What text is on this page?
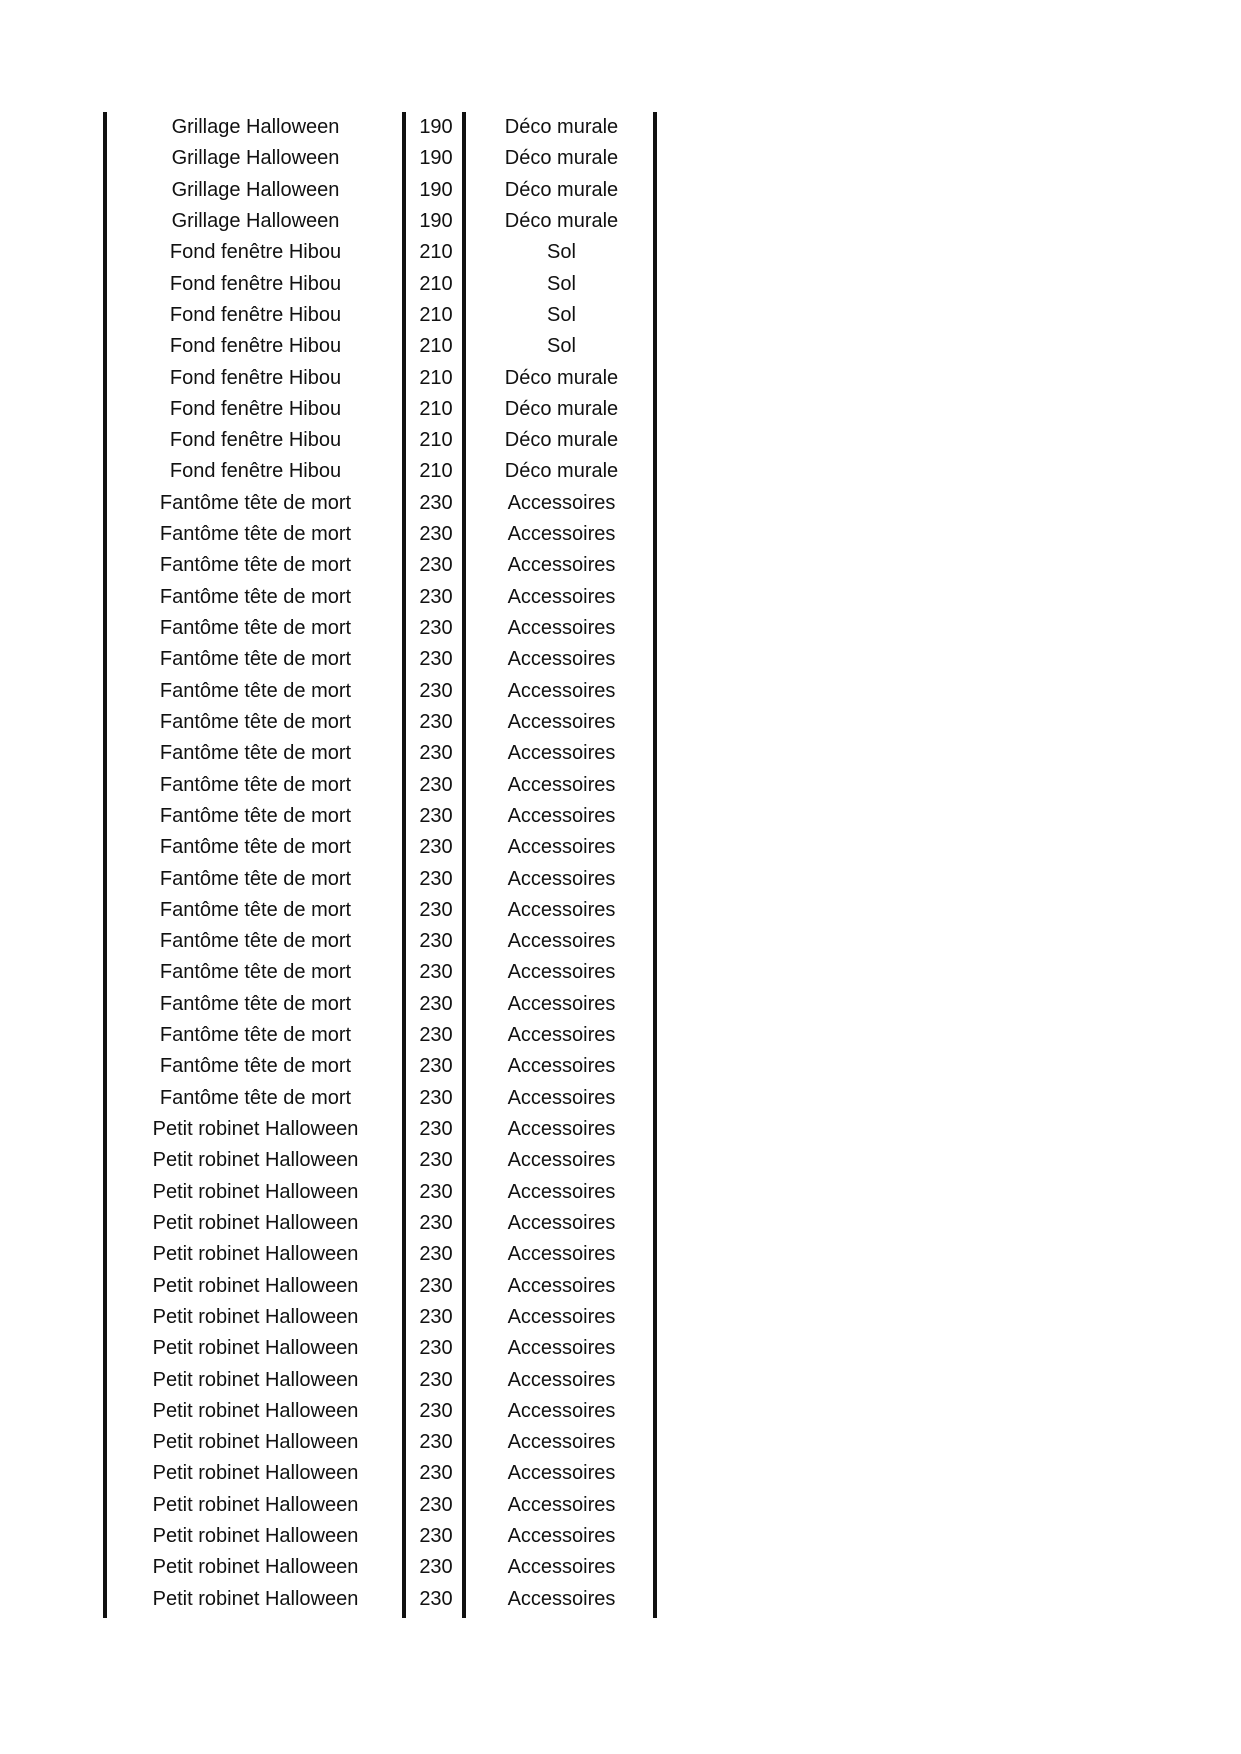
Grillage Halloween	190	Déco murale
Grillage Halloween	190	Déco murale
Grillage Halloween	190	Déco murale
Grillage Halloween	190	Déco murale
Fond fenêtre Hibou	210	Sol
Fond fenêtre Hibou	210	Sol
Fond fenêtre Hibou	210	Sol
Fond fenêtre Hibou	210	Sol
Fond fenêtre Hibou	210	Déco murale
Fond fenêtre Hibou	210	Déco murale
Fond fenêtre Hibou	210	Déco murale
Fond fenêtre Hibou	210	Déco murale
Fantôme tête de mort	230	Accessoires
Fantôme tête de mort	230	Accessoires
Fantôme tête de mort	230	Accessoires
Fantôme tête de mort	230	Accessoires
Fantôme tête de mort	230	Accessoires
Fantôme tête de mort	230	Accessoires
Fantôme tête de mort	230	Accessoires
Fantôme tête de mort	230	Accessoires
Fantôme tête de mort	230	Accessoires
Fantôme tête de mort	230	Accessoires
Fantôme tête de mort	230	Accessoires
Fantôme tête de mort	230	Accessoires
Fantôme tête de mort	230	Accessoires
Fantôme tête de mort	230	Accessoires
Fantôme tête de mort	230	Accessoires
Fantôme tête de mort	230	Accessoires
Fantôme tête de mort	230	Accessoires
Fantôme tête de mort	230	Accessoires
Fantôme tête de mort	230	Accessoires
Fantôme tête de mort	230	Accessoires
Petit robinet Halloween	230	Accessoires
Petit robinet Halloween	230	Accessoires
Petit robinet Halloween	230	Accessoires
Petit robinet Halloween	230	Accessoires
Petit robinet Halloween	230	Accessoires
Petit robinet Halloween	230	Accessoires
Petit robinet Halloween	230	Accessoires
Petit robinet Halloween	230	Accessoires
Petit robinet Halloween	230	Accessoires
Petit robinet Halloween	230	Accessoires
Petit robinet Halloween	230	Accessoires
Petit robinet Halloween	230	Accessoires
Petit robinet Halloween	230	Accessoires
Petit robinet Halloween	230	Accessoires
Petit robinet Halloween	230	Accessoires
Petit robinet Halloween	230	Accessoires
